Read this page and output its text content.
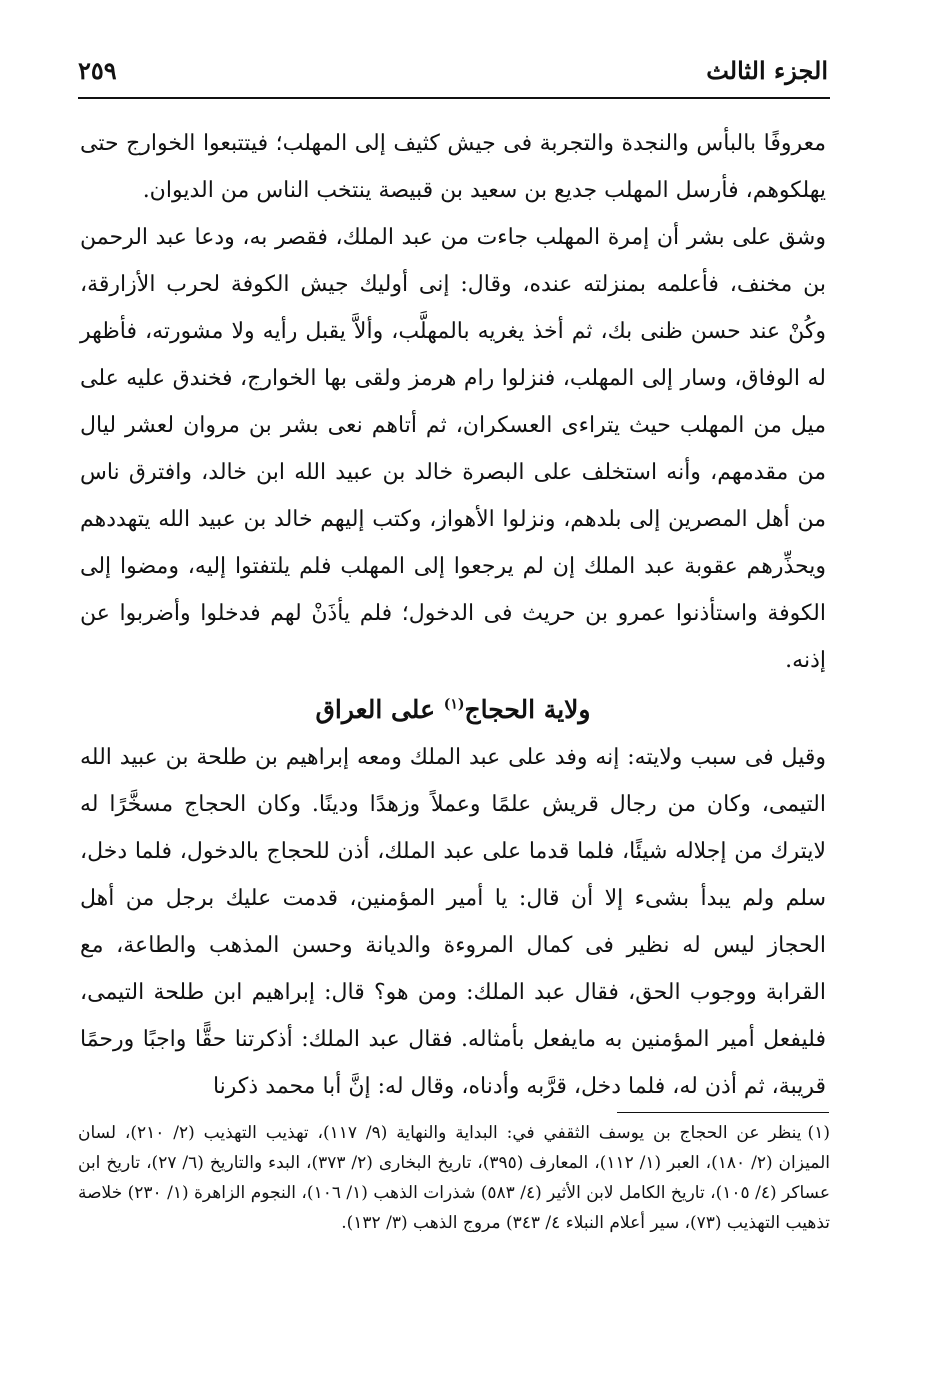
الجزء الثالث
٢٥٩

معروفًا بالبأس والنجدة والتجربة فى جيش كثيف إلى المهلب؛ فيتتبعوا الخوارج حتى يهلكوهم، فأرسل المهلب جديع بن سعيد بن قبيصة ينتخب الناس من الديوان.

وشق على بشر أن إمرة المهلب جاءت من عبد الملك، فقصر به، ودعا عبد الرحمن بن مخنف، فأعلمه بمنزلته عنده، وقال: إنى أوليك جيش الكوفة لحرب الأزارقة، وكُنْ عند حسن ظنى بك، ثم أخذ يغريه بالمهلَّب، وألاَّ يقبل رأيه ولا مشورته، فأظهر له الوفاق، وسار إلى المهلب، فنزلوا رام هرمز ولقى بها الخوارج، فخندق عليه على ميل من المهلب حيث يتراءى العسكران، ثم أتاهم نعى بشر بن مروان لعشر ليال من مقدمهم، وأنه استخلف على البصرة خالد بن عبيد الله ابن خالد، وافترق ناس من أهل المصرين إلى بلدهم، ونزلوا الأهواز، وكتب إليهم خالد بن عبيد الله يتهددهم ويحذِّرهم عقوبة عبد الملك إن لم يرجعوا إلى المهلب فلم يلتفتوا إليه، ومضوا إلى الكوفة واستأذنوا عمرو بن حريث فى الدخول؛ فلم يأذَنْ لهم فدخلوا وأضربوا عن إذنه.

ولاية الحجاج$^{(١)}$ على العراق

وقيل فى سبب ولايته: إنه وفد على عبد الملك ومعه إبراهيم بن طلحة بن عبيد الله التيمى، وكان من رجال قريش علمًا وعملاً وزهدًا ودينًا. وكان الحجاج مسخَّرًا له لايترك من إجلاله شيئًا، فلما قدما على عبد الملك، أذن للحجاج بالدخول، فلما دخل، سلم ولم يبدأ بشىء إلا أن قال: يا أمير المؤمنين، قدمت عليك برجل من أهل الحجاز ليس له نظير فى كمال المروءة والديانة وحسن المذهب والطاعة، مع القرابة ووجوب الحق، فقال عبد الملك: ومن هو؟ قال: إبراهيم ابن طلحة التيمى، فليفعل أمير المؤمنين به مايفعل بأمثاله. فقال عبد الملك: أذكرتنا حقًّا واجبًا ورحمًا قريبة، ثم أذن له، فلما دخل، قرَّبه وأدناه، وقال له: إنَّ أبا محمد ذكرنا

(١)ينظر عن الحجاج بن يوسف الثقفي في: البداية والنهاية (٩/ ١١٧)، تهذيب التهذيب (٢/ ٢١٠)، لسان الميزان (٢/ ١٨٠)، العبر (١/ ١١٢)، المعارف (٣٩٥)، تاريخ البخارى (٢/ ٣٧٣)، البدء والتاريخ (٦/ ٢٧)، تاريخ ابن عساكر (٤/ ١٠٥)، تاريخ الكامل لابن الأثير (٤/ ٥٨٣) شذرات الذهب (١/ ١٠٦)، النجوم الزاهرة (١/ ٢٣٠) خلاصة تذهيب التهذيب (٧٣)، سير أعلام النبلاء ٤/ ٣٤٣) مروج الذهب (٣/ ١٣٢).
